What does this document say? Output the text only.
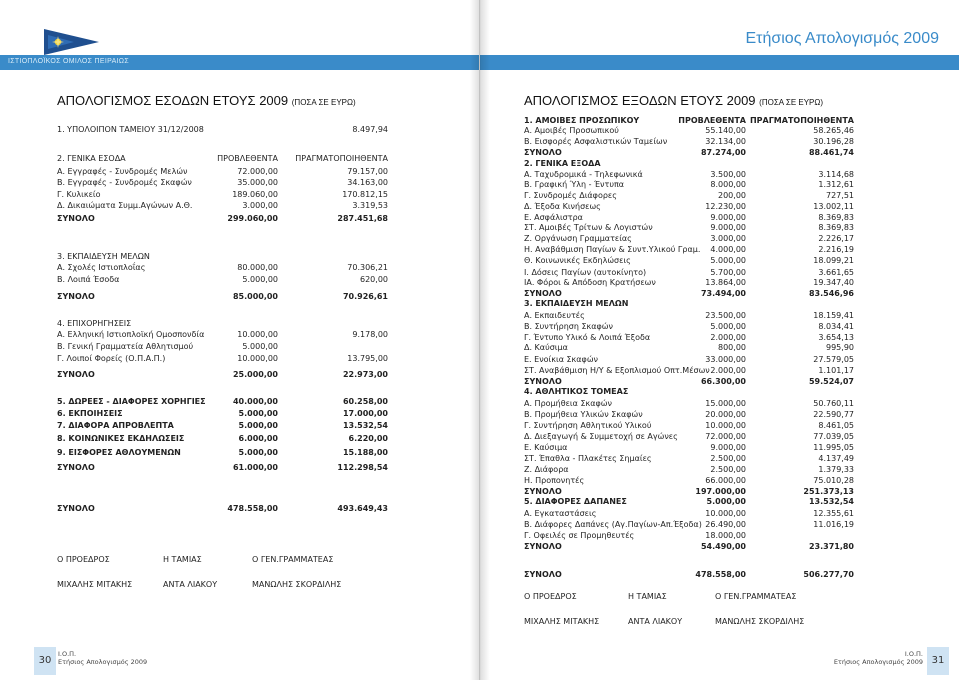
ΙΣΤΙΟΠΛΟΪΚΟΣ ΟΜΙΛΟΣ ΠΕΙΡΑΙΩΣ
ΑΠΟΛΟΓΙΣΜΟΣ ΕΣΟΔΩΝ ΕΤΟΥΣ 2009 (ΠΟΣΑ ΣΕ ΕΥΡΩ)
1. ΥΠΟΛΟΙΠΟΝ ΤΑΜΕΙΟΥ 31/12/2008	8.497,94
2. ΓΕΝΙΚΑ ΕΣΟΔΑ	ΠΡΟΒΛΕΘΕΝΤΑ ΠΡΑΓΜΑΤΟΠΟΙΗΘΕΝΤΑ
Α. Εγγραφές - Συνδρομές Μελών	72.000,00	79.157,00
Β. Εγγραφές - Συνδρομές Σκαφών	35.000,00	34.163,00
Γ. Κυλικείο	189.060,00	170.812,15
Δ. Δικαιώματα Συμμ.Αγώνων Α.Θ.	3.000,00	3.319,53
ΣΥΝΟΛΟ	299.060,00	287.451,68
3. ΕΚΠΑΙΔΕΥΣΗ ΜΕΛΩΝ
Α. Σχολές Ιστιοπλοΐας	80.000,00	70.306,21
Β. Λοιπά Έσοδα	5.000,00	620,00
ΣΥΝΟΛΟ	85.000,00	70.926,61
4. ΕΠΙΧΟΡΗΓΗΣΕΙΣ
Α. Ελληνική Ιστιοπλοϊκή Ομοσπονδία	10.000,00	9.178,00
Β. Γενική Γραμματεία Αθλητισμού	5.000,00
Γ. Λοιποί Φορείς (Ο.Π.Α.Π.)	10.000,00	13.795,00
ΣΥΝΟΛΟ	25.000,00	22.973,00
5. ΔΩΡΕΕΣ - ΔΙΑΦΟΡΕΣ ΧΟΡΗΓΙΕΣ	40.000,00	60.258,00
6. ΕΚΠΟΙΗΣΕΙΣ	5.000,00	17.000,00
7. ΔΙΑΦΟΡΑ ΑΠΡΟΒΛΕΠΤΑ	5.000,00	13.532,54
8. ΚΟΙΝΩΝΙΚΕΣ ΕΚΔΗΛΩΣΕΙΣ	6.000,00	6.220,00
9. ΕΙΣΦΟΡΕΣ ΑΘΛΟΥΜΕΝΩΝ	5.000,00	15.188,00
ΣΥΝΟΛΟ	61.000,00	112.298,54
ΣΥΝΟΛΟ	478.558,00	493.649,43
Ο ΠΡΟΕΔΡΟΣ	Η ΤΑΜΙΑΣ	Ο ΓΕΝ.ΓΡΑΜΜΑΤΕΑΣ
ΜΙΧΑΛΗΣ ΜΙΤΑΚΗΣ	ΑΝΤΑ ΛΙΑΚΟΥ	ΜΑΝΩΛΗΣ ΣΚΟΡΔΙΛΗΣ
30
Ι.Ο.Π.
Ετήσιος Απολογισμός 2009
Ετήσιος Απολογισμός 2009
ΑΠΟΛΟΓΙΣΜΟΣ ΕΞΟΔΩΝ ΕΤΟΥΣ 2009 (ΠΟΣΑ ΣΕ ΕΥΡΩ)
1. ΑΜΟΙΒΕΣ ΠΡΟΣΩΠΙΚΟΥ	ΠΡΟΒΛΕΘΕΝΤΑ ΠΡΑΓΜΑΤΟΠΟΙΗΘΕΝΤΑ
Α. Αμοιβές Προσωπικού	55.140,00	58.265,46
Β. Εισφορές Ασφαλιστικών Ταμείων	32.134,00	30.196,28
ΣΥΝΟΛΟ	87.274,00	88.461,74
2. ΓΕΝΙΚΑ ΕΞΟΔΑ
Α. Ταχυδρομικά - Τηλεφωνικά	3.500,00	3.114,68
Β. Γραφική Ύλη - Έντυπα	8.000,00	1.312,61
Γ. Συνδρομές Διάφορες	200,00	727,51
Δ. Έξοδα Κινήσεως	12.230,00	13.002,11
Ε. Ασφάλιστρα	9.000,00	8.369,83
ΣΤ. Αμοιβές Τρίτων & Λογιστών	9.000,00	8.369,83
Ζ. Οργάνωση Γραμματείας	3.000,00	2.226,17
Η. Αναβάθμιση Παγίων & Συντ.Υλικού Γραμ. 4.000,00	2.216,19
Θ. Κοινωνικές Εκδηλώσεις	5.000,00	18.099,21
Ι. Δόσεις Παγίων (αυτοκίνητο)	5.700,00	3.661,65
ΙΑ. Φόροι & Απόδοση Κρατήσεων	13.864,00	19.347,40
ΣΥΝΟΛΟ	73.494,00	83.546,96
3. ΕΚΠΑΙΔΕΥΣΗ ΜΕΛΩΝ
Α. Εκπαιδευτές	23.500,00	18.159,41
Β. Συντήρηση Σκαφών	5.000,00	8.034,41
Γ. Έντυπο Υλικό & Λοιπά Έξοδα	2.000,00	3.654,13
Δ. Καύσιμα	800,00	995,90
Ε. Ενοίκια Σκαφών	33.000,00	27.579,05
ΣΤ. Αναβάθμιση Η/Υ & Εξοπλισμού Οπτ.Μέσων 2.000,00	1.101,17
ΣΥΝΟΛΟ	66.300,00	59.524,07
4. ΑΘΛΗΤΙΚΟΣ ΤΟΜΕΑΣ
Α. Προμήθεια Σκαφών	15.000,00	50.760,11
Β. Προμήθεια Υλικών Σκαφών	20.000,00	22.590,77
Γ. Συντήρηση Αθλητικού Υλικού	10.000,00	8.461,05
Δ. Διεξαγωγή & Συμμετοχή σε Αγώνες	72.000,00	77.039,05
Ε. Καύσιμα	9.000,00	11.995,05
ΣΤ. Έπαθλα - Πλακέτες Σημαίες	2.500,00	4.137,49
Ζ. Διάφορα	2.500,00	1.379,33
Η. Προπονητές	66.000,00	75.010,28
ΣΥΝΟΛΟ	197.000,00	251.373,13
5. ΔΙΑΦΟΡΕΣ ΔΑΠΑΝΕΣ	5.000,00	13.532,54
Α. Εγκαταστάσεις	10.000,00	12.355,61
Β. Διάφορες Δαπάνες (Αγ.Παγίων-Απ.Έξοδα) 26.490,00	11.016,19
Γ. Οφειλές σε Προμηθευτές	18.000,00
ΣΥΝΟΛΟ	54.490,00	23.371,80
ΣΥΝΟΛΟ	478.558,00	506.277,70
Ο ΠΡΟΕΔΡΟΣ	Η ΤΑΜΙΑΣ	Ο ΓΕΝ.ΓΡΑΜΜΑΤΕΑΣ
ΜΙΧΑΛΗΣ ΜΙΤΑΚΗΣ	ΑΝΤΑ ΛΙΑΚΟΥ	ΜΑΝΩΛΗΣ ΣΚΟΡΔΙΛΗΣ
Ι.Ο.Π.
Ετήσιος Απολογισμός 2009 31
